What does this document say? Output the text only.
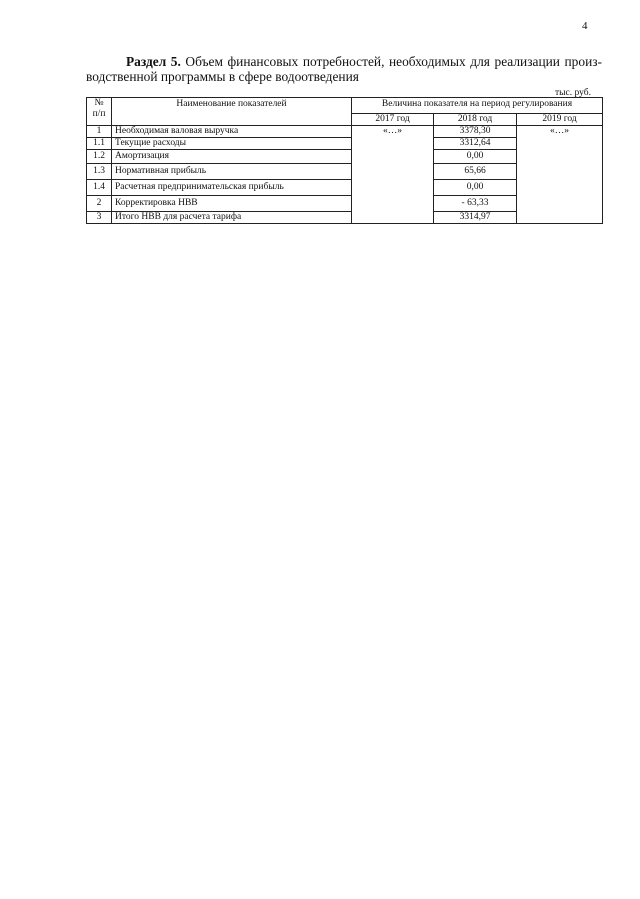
4
Раздел 5. Объем финансовых потребностей, необходимых для реализации произ-
водственной программы в сфере водоотведения
тыс. руб.
№ п/п	Наименование показателей	Величина показателя на период регулирования		
		2017 год	2018 год	2019 год
1	Необходимая валовая выручка	«…»	3378,30	«…»
1.1	Текущие расходы		3312,64	
1.2	Амортизация		0,00	
1.3	Нормативная прибыль		65,66	
1.4	Расчетная предпринимательская прибыль		0,00	
2	Корректировка НВВ		- 63,33	
3	Итого НВВ для расчета тарифа		3314,97	
